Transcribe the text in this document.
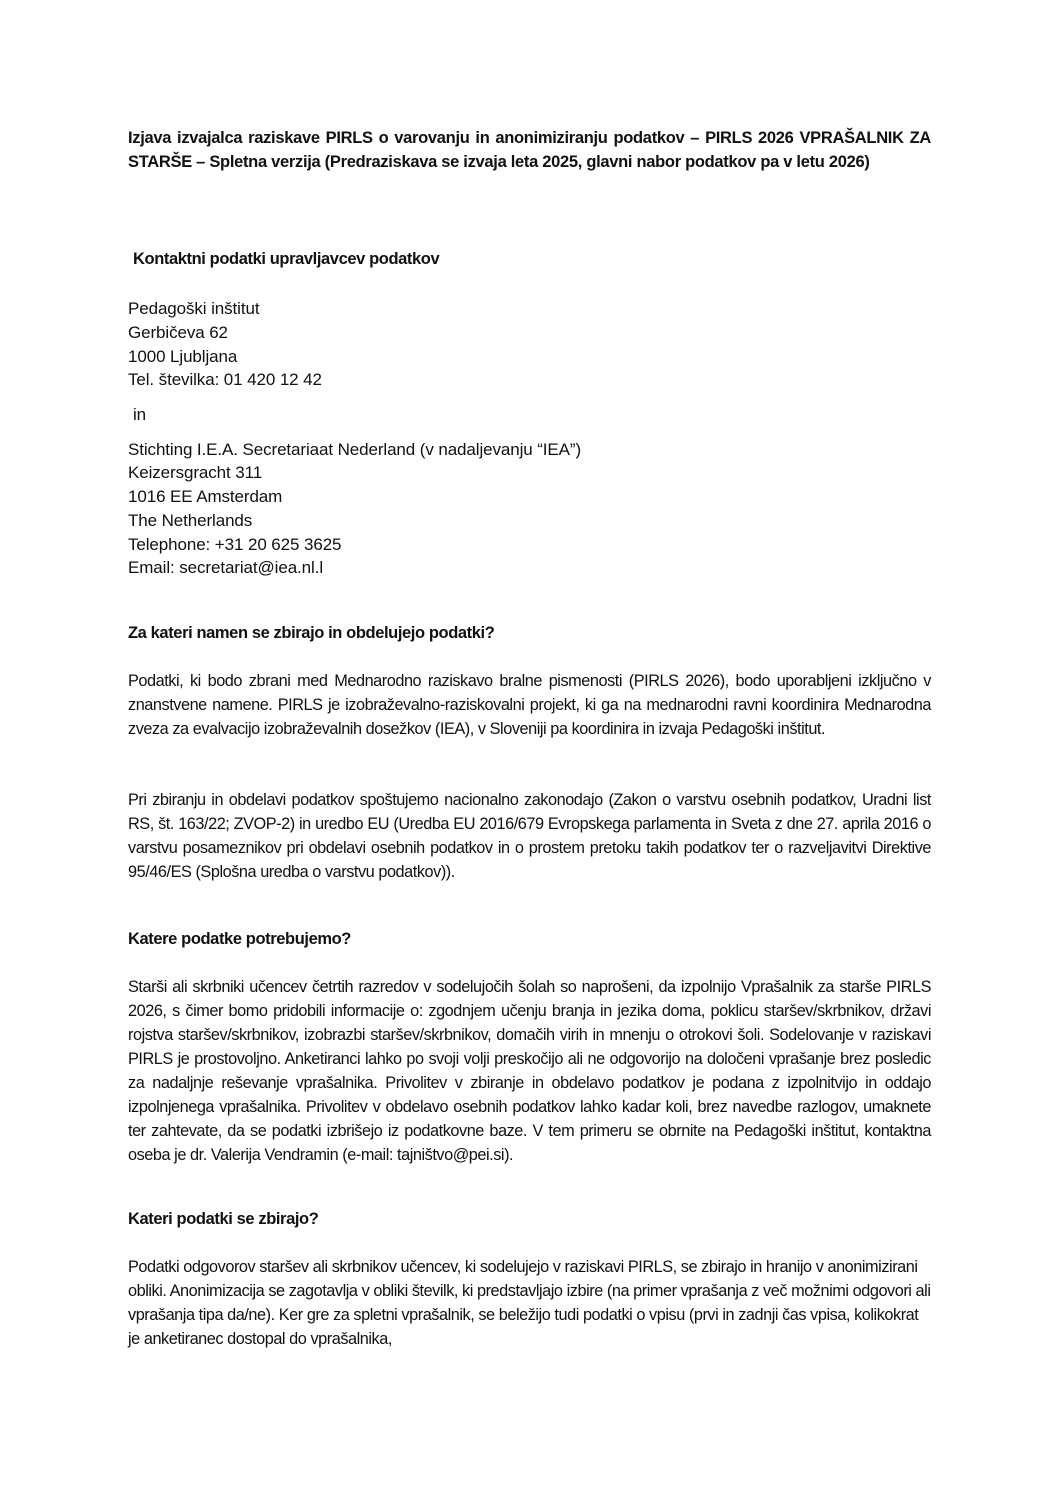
Izjava izvajalca raziskave PIRLS o varovanju in anonimiziranju podatkov – PIRLS 2026 VPRAŠALNIK ZA STARŠE – Spletna verzija (Predraziskava se izvaja leta 2025, glavni nabor podatkov pa v letu 2026)
Kontaktni podatki upravljavcev podatkov
Pedagoški inštitut
Gerbičeva 62
1000 Ljubljana
Tel. številka: 01 420 12 42
in
Stichting I.E.A. Secretariaat Nederland (v nadaljevanju “IEA”)
Keizersgracht 311
1016 EE Amsterdam
The Netherlands
Telephone: +31 20 625 3625
Email: secretariat@iea.nl.l
Za kateri namen se zbirajo in obdelujejo podatki?
Podatki, ki bodo zbrani med Mednarodno raziskavo bralne pismenosti (PIRLS 2026), bodo uporabljeni izključno v znanstvene namene. PIRLS je izobraževalno-raziskovalni projekt, ki ga na mednarodni ravni koordinira Mednarodna zveza za evalvacijo izobraževalnih dosežkov (IEA), v Sloveniji pa koordinira in izvaja Pedagoški inštitut.
Pri zbiranju in obdelavi podatkov spoštujemo nacionalno zakonodajo (Zakon o varstvu osebnih podatkov, Uradni list RS, št. 163/22; ZVOP-2) in uredbo EU (Uredba EU 2016/679 Evropskega parlamenta in Sveta z dne 27. aprila 2016 o varstvu posameznikov pri obdelavi osebnih podatkov in o prostem pretoku takih podatkov ter o razveljavitvi Direktive 95/46/ES (Splošna uredba o varstvu podatkov)).
Katere podatke potrebujemo?
Starši ali skrbniki učencev četrtih razredov v sodelujočih šolah so naprošeni, da izpolnijo Vprašalnik za starše PIRLS 2026, s čimer bomo pridobili informacije o: zgodnjem učenju branja in jezika doma, poklicu staršev/skrbnikov, državi rojstva staršev/skrbnikov, izobrazbi staršev/skrbnikov, domačih virih in mnenju o otrokovi šoli. Sodelovanje v raziskavi PIRLS je prostovoljno. Anketiranci lahko po svoji volji preskočijo ali ne odgovorijo na določeni vprašanje brez posledic za nadaljnje reševanje vprašalnika. Privolitev v zbiranje in obdelavo podatkov je podana z izpolnitvijo in oddajo izpolnjenega vprašalnika. Privolitev v obdelavo osebnih podatkov lahko kadar koli, brez navedbe razlogov, umaknete ter zahtevate, da se podatki izbrišejo iz podatkovne baze. V tem primeru se obrnite na Pedagoški inštitut, kontaktna oseba je dr. Valerija Vendramin (e-mail: tajništvo@pei.si).
Kateri podatki se zbirajo?
Podatki odgovorov staršev ali skrbnikov učencev, ki sodelujejo v raziskavi PIRLS, se zbirajo in hranijo v anonimizirani obliki. Anonimizacija se zagotavlja v obliki številk, ki predstavljajo izbire (na primer vprašanja z več možnimi odgovori ali vprašanja tipa da/ne). Ker gre za spletni vprašalnik, se beležijo tudi podatki o vpisu (prvi in zadnji čas vpisa, kolikokrat je anketiranec dostopal do vprašalnika,
